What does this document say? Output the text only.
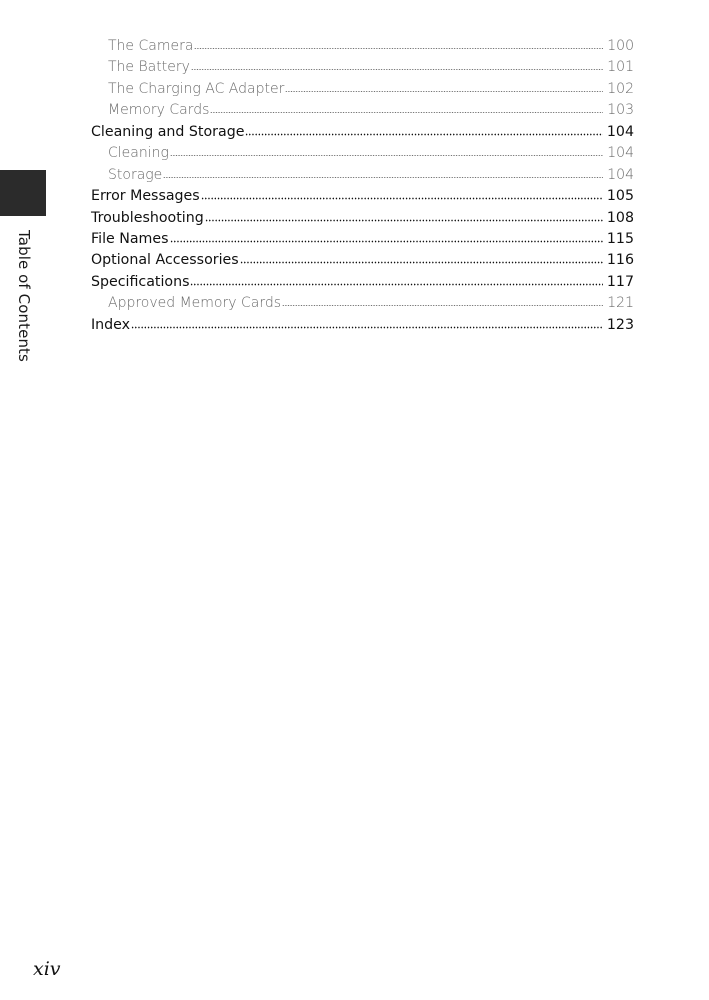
Table of Contents
The Camera	100
The Battery	101
The Charging AC Adapter	102
Memory Cards	103
Cleaning and Storage	104
Cleaning	104
Storage	104
Error Messages	105
Troubleshooting	108
File Names	115
Optional Accessories	116
Specifications	117
Approved Memory Cards	121
Index	123
xiv
